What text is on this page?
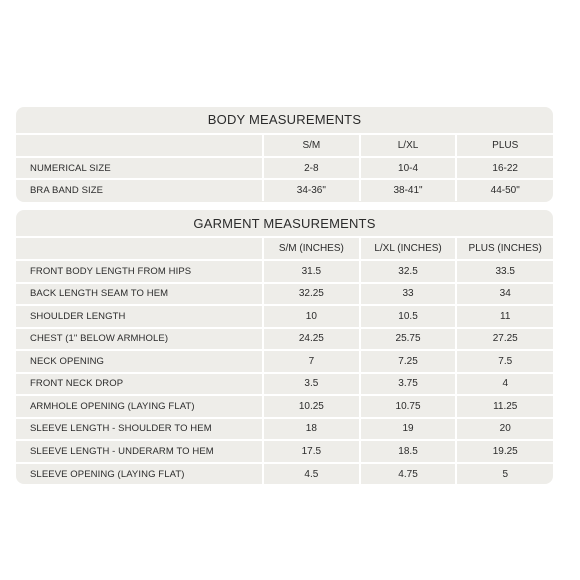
BODY MEASUREMENTS
	S/M	L/XL	PLUS
NUMERICAL SIZE	2-8	10-4	16-22
BRA BAND SIZE	34-36"	38-41"	44-50"
GARMENT MEASUREMENTS
	S/M (INCHES)	L/XL (INCHES)	PLUS (INCHES)
FRONT BODY LENGTH FROM HIPS	31.5	32.5	33.5
BACK LENGTH SEAM TO HEM	32.25	33	34
SHOULDER LENGTH	10	10.5	11
CHEST (1" BELOW ARMHOLE)	24.25	25.75	27.25
NECK OPENING	7	7.25	7.5
FRONT NECK DROP	3.5	3.75	4
ARMHOLE OPENING (LAYING FLAT)	10.25	10.75	11.25
SLEEVE LENGTH - SHOULDER TO HEM	18	19	20
SLEEVE LENGTH - UNDERARM TO HEM	17.5	18.5	19.25
SLEEVE OPENING (LAYING FLAT)	4.5	4.75	5
